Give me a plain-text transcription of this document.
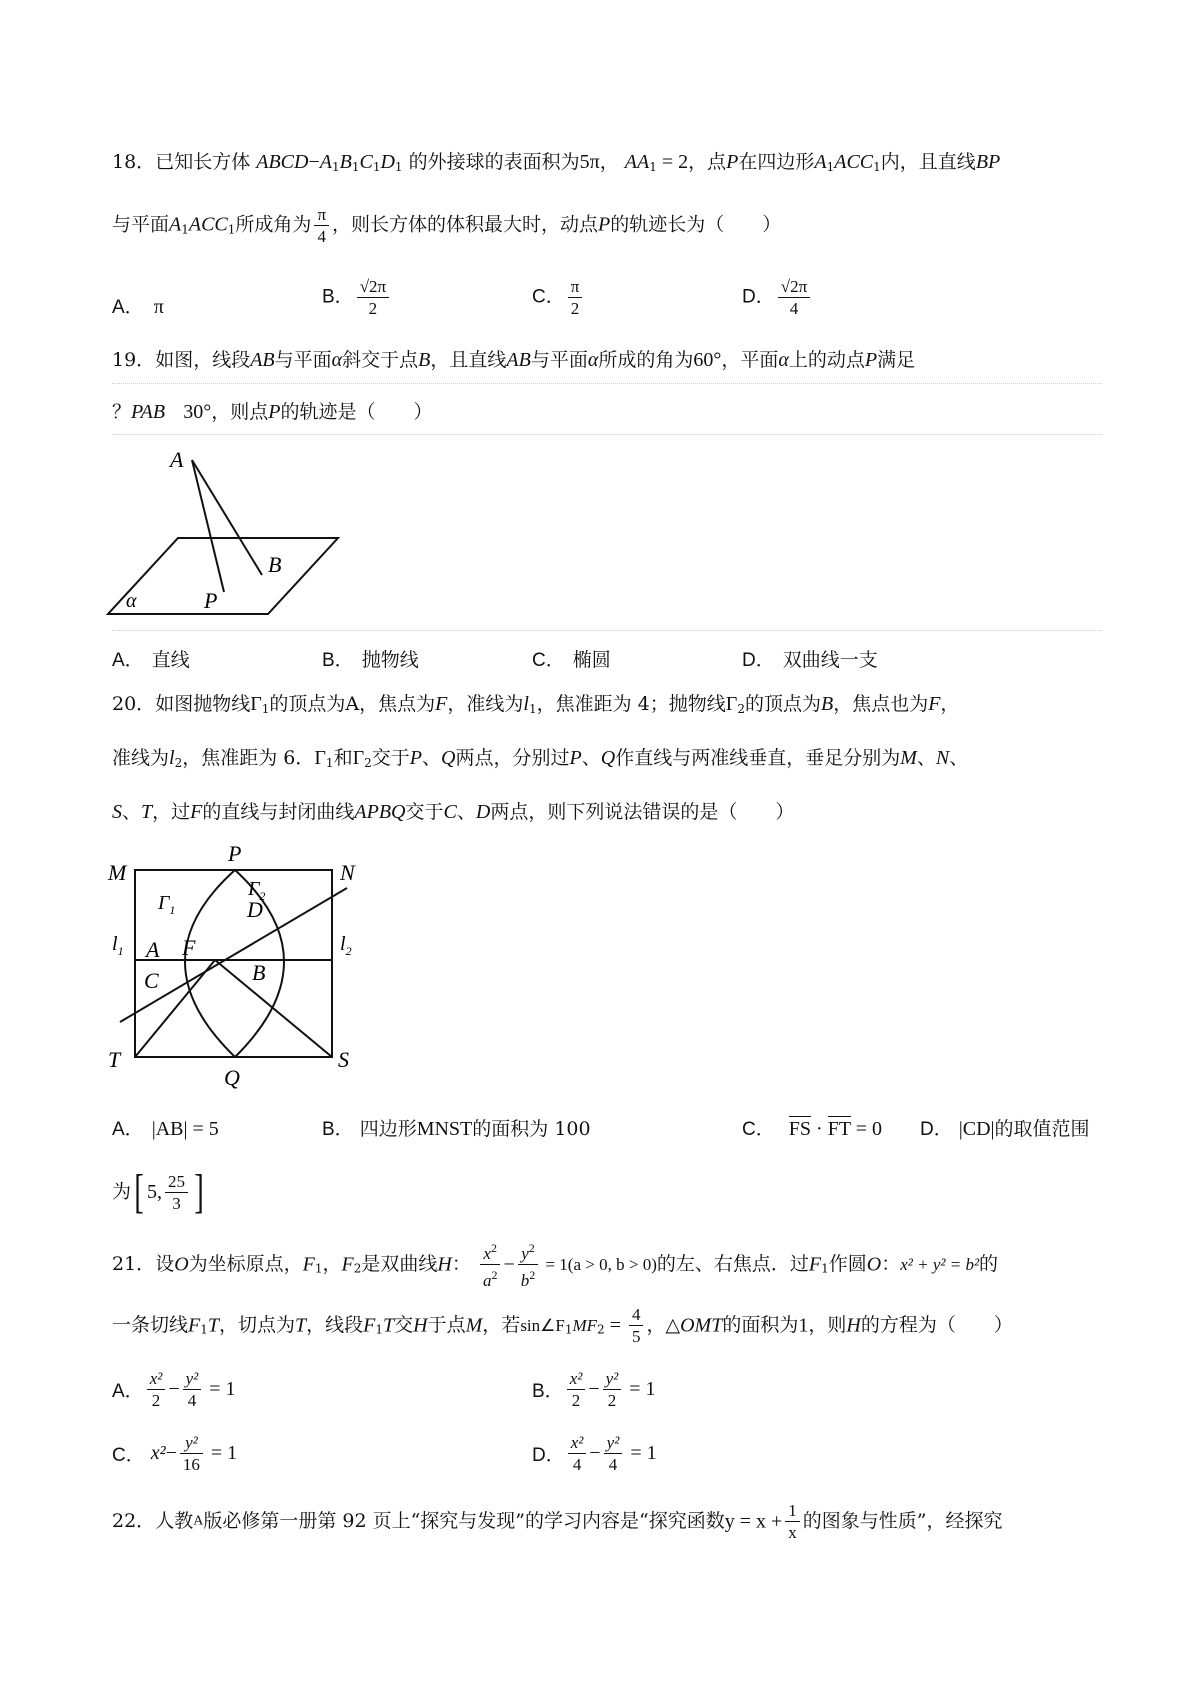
18．已知长方体 $ABCD-A_1B_1C_1D_1$ 的外接球的表面积为5π， $AA_1 = 2$，点P在四边形$A_1ACC_1$内，且直线BP
与平面$A_1ACC_1$所成角为 $\frac{\pi}{4}$ ，则长方体的体积最大时，动点P的轨迹长为（　　）
A． π	B． $\frac{√2\pi}{2}$	C． $\frac{\pi}{2}$	D． $\frac{√2\pi}{4}$
19．如图，线段AB与平面α斜交于点B，且直线AB与平面α所成的角为60°，平面α上的动点P满足
？PAB 30°，则点P的轨迹是（　　）
A
B
P
α
A． 直线	B． 抛物线	C． 椭圆	D． 双曲线一支
20．如图抛物线$\Gamma_1$的顶点为A，焦点为F，准线为$l_1$，焦准距为 4；抛物线$\Gamma_2$的顶点为B，焦点也为F，
准线为$l_2$，焦准距为 6．$\Gamma_1$和$\Gamma_2$交于P、Q两点，分别过P、Q作直线与两准线垂直，垂足分别为M、N、
S、T，过F的直线与封闭曲线APBQ交于C、D两点，则下列说法错误的是（　　）
M
P
N
$\Gamma_1$
$\Gamma_2$
D
$l_1$	$l_2$
A F
C	B
T
Q
S
A． |AB| = 5	B． 四边形MNST的面积为 100	C． FS · FT = 0 D． |CD|的取值范围
为[ 5, $\frac{25}{3}$ ]
21．设O为坐标原点，$F_1$，$F_2$是双曲线H： $\frac{x^2}{a^2} - \frac{y^2}{b^2} = 1(a > 0$, b > 0)的左、右焦点．过$F_1$作圆O：x² + y² = b²的
一条切线$F_1T$，切点为T，线段$F_1T$交H于点M，若$\sin\angle F_1MF_2 = \frac{4}{5}$ ，△OMT的面积为1，则H的方程为（　　）
A． $\frac{\text{x²}}{2} - \frac{\text{y²}}{4} = 1$	B． $\frac{\text{x²}}{2} - \frac{\text{y²}}{2} = 1$
C． $x^2- \frac{\text{y²}}{16} = 1$	D． $\frac{\text{x²}}{4} - \frac{\text{y²}}{4} = 1$
22．人教A版必修第一册第 92 页上“探究与发现”的学习内容是“探究函数$y = x + \frac{1}{x}$ 的图象与性质”，经探究
